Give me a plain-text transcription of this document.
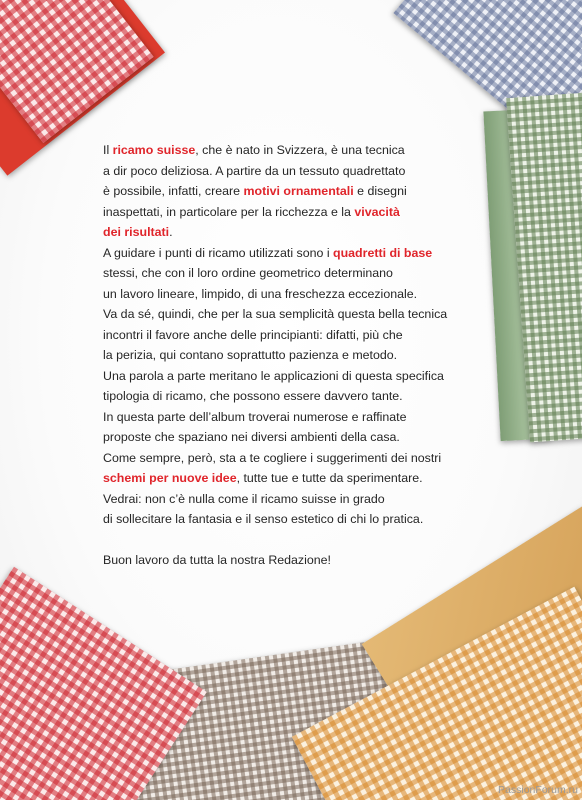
Il ricamo suisse, che è nato in Svizzera, è una tecnica
a dir poco deliziosa. A partire da un tessuto quadrettato
è possibile, infatti, creare motivi ornamentali e disegni
inaspettati, in particolare per la ricchezza e la vivacità
dei risultati.
A guidare i punti di ricamo utilizzati sono i quadretti di base
stessi, che con il loro ordine geometrico determinano
un lavoro lineare, limpido, di una freschezza eccezionale.
Va da sé, quindi, che per la sua semplicità questa bella tecnica
incontri il favore anche delle principianti: difatti, più che
la perizia, qui contano soprattutto pazienza e metodo.
Una parola a parte meritano le applicazioni di questa specifica
tipologia di ricamo, che possono essere davvero tante.
In questa parte dell’album troverai numerose e raffinate
proposte che spaziano nei diversi ambienti della casa.
Come sempre, però, sta a te cogliere i suggerimenti dei nostri
schemi per nuove idee, tutte tue e tutte da sperimentare.
Vedrai: non c’è nulla come il ricamo suisse in grado
di sollecitare la fantasia e il senso estetico di chi lo pratica.
Buon lavoro da tutta la nostra Redazione!
PassionForum.ru
